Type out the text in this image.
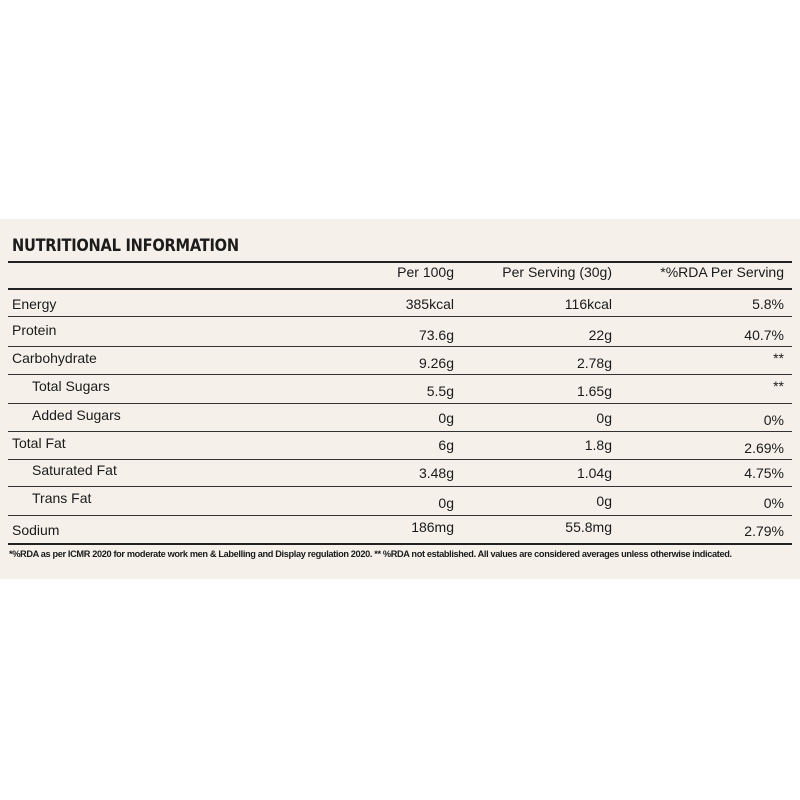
NUTRITIONAL INFORMATION
Per 100g	Per Serving (30g)	*%RDA Per Serving
Energy	385kcal	116kcal	5.8%
Protein	73.6g	22g	40.7%
Carbohydrate	9.26g	2.78g	**
Total Sugars	5.5g	1.65g	**
Added Sugars	0g	0g	0%
Total Fat	6g	1.8g	2.69%
Saturated Fat	3.48g	1.04g	4.75%
Trans Fat	0g	0g	0%
Sodium	186mg	55.8mg	2.79%
*%RDA as per ICMR 2020 for moderate work men & Labelling and Display regulation 2020. ** %RDA not established. All values are considered averages unless otherwise indicated.
